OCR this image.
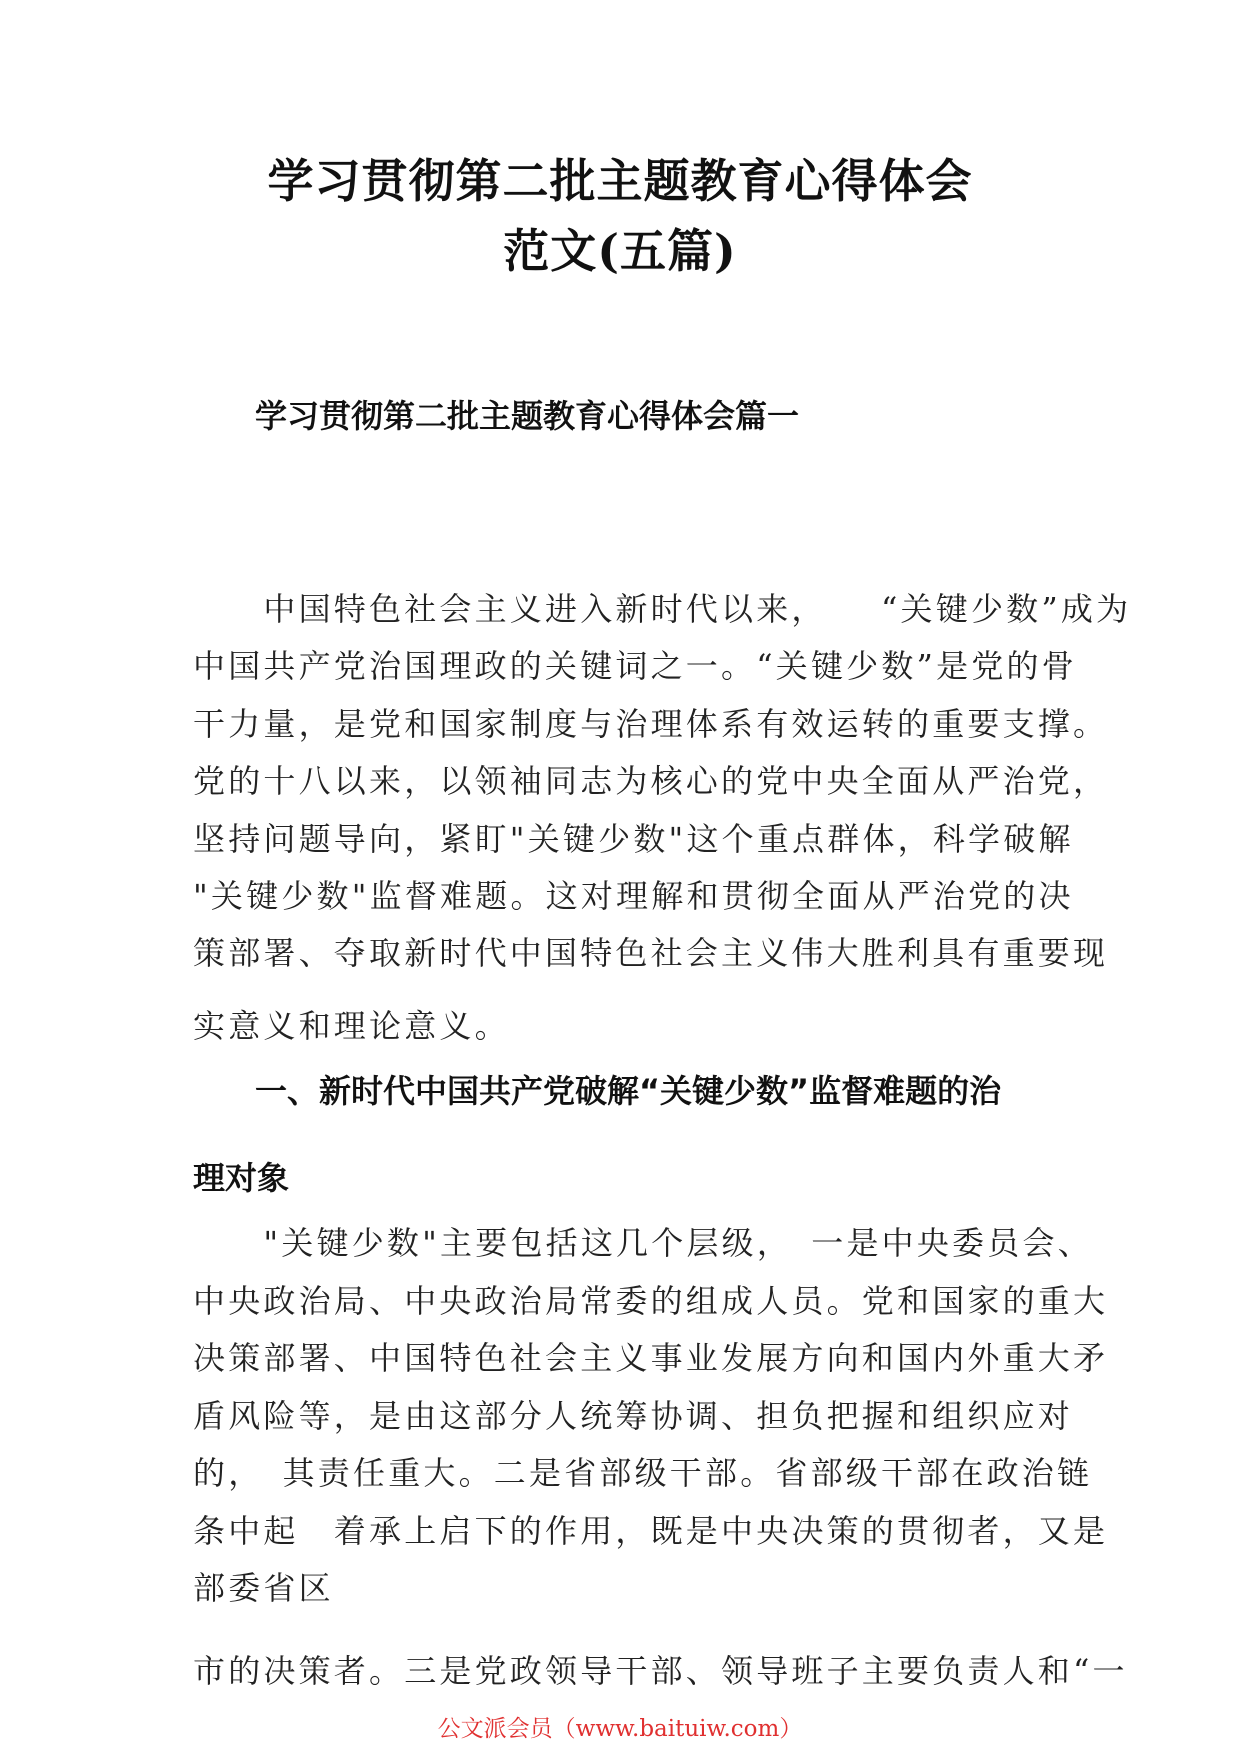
学习贯彻第二批主题教育心得体会
范文(五篇)
学习贯彻第二批主题教育心得体会篇一
　　中国特色社会主义进入新时代以来，　　“关键少数”成为
中国共产党治国理政的关键词之一。“关键少数”是党的骨
干力量，是党和国家制度与治理体系有效运转的重要支撑。
党的十八以来，以领袖同志为核心的党中央全面从严治党，
坚持问题导向，紧盯"关键少数"这个重点群体，科学破解
"关键少数"监督难题。这对理解和贯彻全面从严治党的决
策部署、夺取新时代中国特色社会主义伟大胜利具有重要现
实意义和理论意义。
一、新时代中国共产党破解“关键少数”监督难题的治
理对象
　　"关键少数"主要包括这几个层级，　一是中央委员会、
中央政治局、中央政治局常委的组成人员。党和国家的重大
决策部署、中国特色社会主义事业发展方向和国内外重大矛
盾风险等，是由这部分人统筹协调、担负把握和组织应对
的，　其责任重大。二是省部级干部。省部级干部在政治链
条中起　着承上启下的作用，既是中央决策的贯彻者，又是
部委省区
市的决策者。三是党政领导干部、领导班子主要负责人和“一
公文派会员（www.baituiw.com）
